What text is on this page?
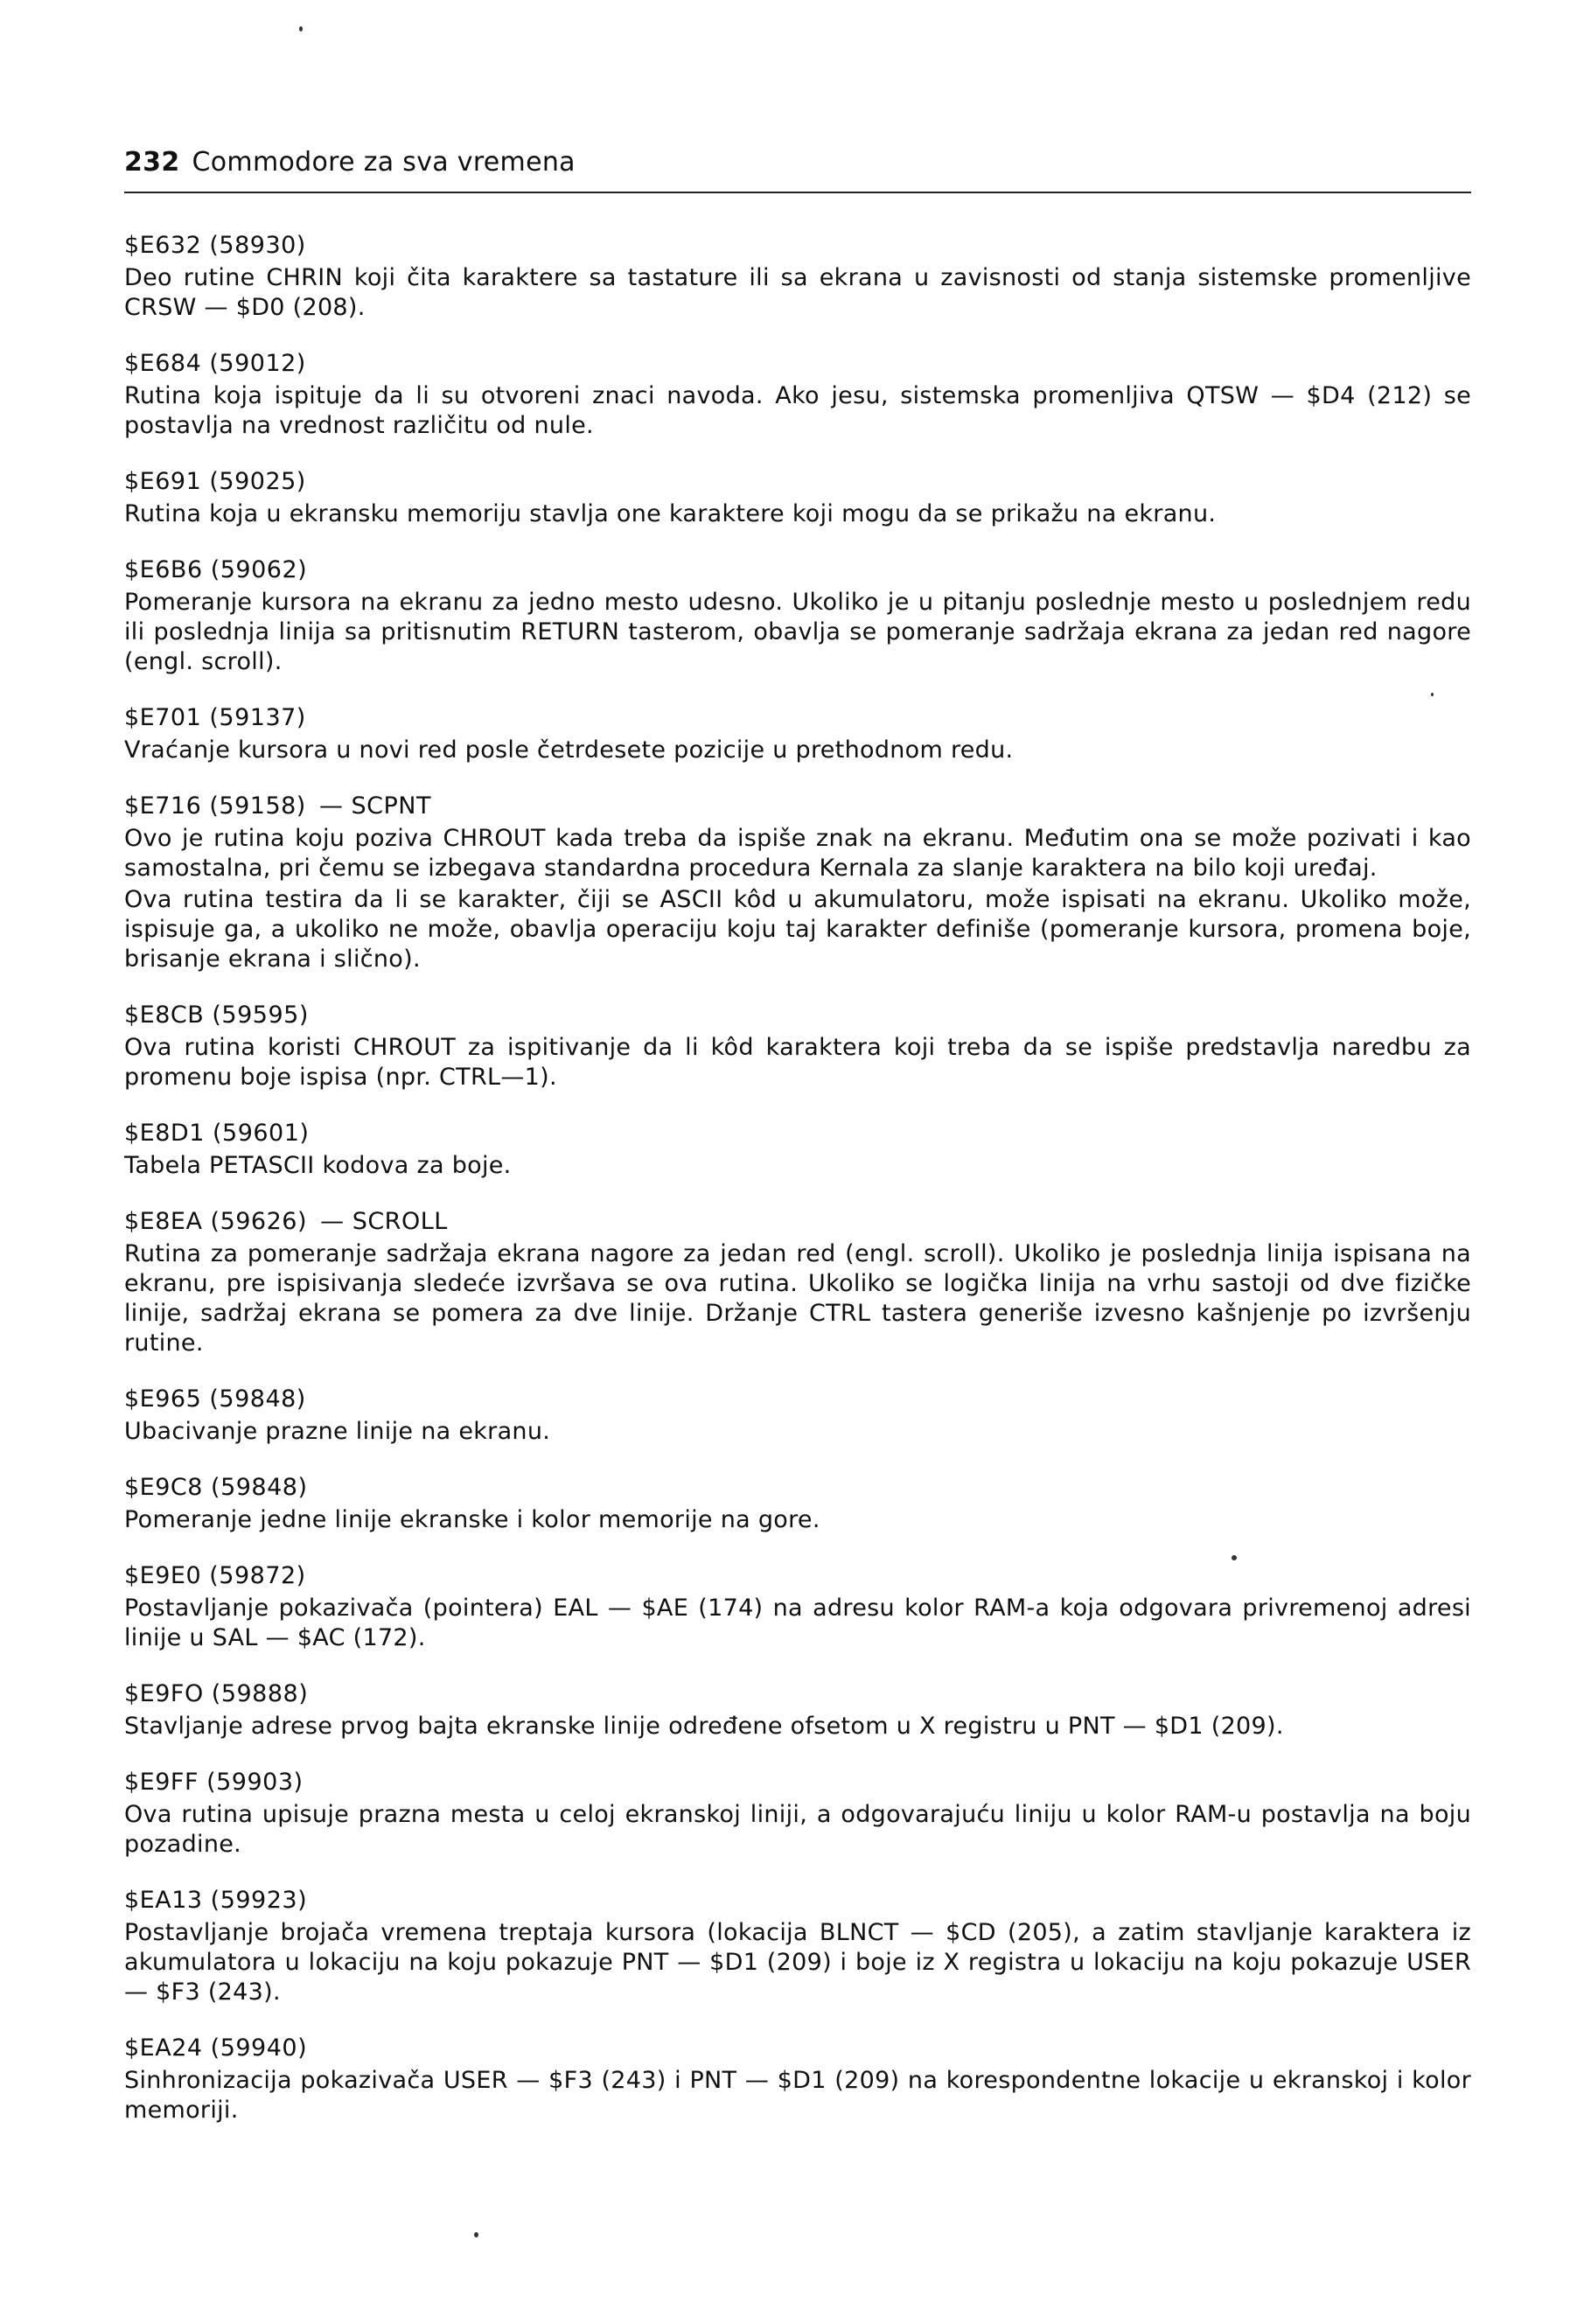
232 Commodore za sva vremena
$E632 (58930)

Deo rutine CHRIN koji čita karaktere sa tastature ili sa ekrana u zavisnosti od stanja sistemske promenljive CRSW — $D0 (208).

$E684 (59012)

Rutina koja ispituje da li su otvoreni znaci navoda. Ako jesu, sistemska promenljiva QTSW — $D4 (212) se postavlja na vrednost različitu od nule.

$E691 (59025)

Rutina koja u ekransku memoriju stavlja one karaktere koji mogu da se prikažu na ekranu.

$E6B6 (59062)

Pomeranje kursora na ekranu za jedno mesto udesno. Ukoliko je u pitanju poslednje mesto u poslednjem redu ili poslednja linija sa pritisnutim RETURN tasterom, obavlja se pomeranje sadržaja ekrana za jedan red nagore (engl. scroll).

$E701 (59137)

Vraćanje kursora u novi red posle četrdesete pozicije u prethodnom redu.

$E716 (59158) — SCPNT

Ovo je rutina koju poziva CHROUT kada treba da ispiše znak na ekranu. Međutim ona se može pozivati i kao samostalna, pri čemu se izbegava standardna procedura Kernala za slanje karaktera na bilo koji uređaj.

Ova rutina testira da li se karakter, čiji se ASCII kôd u akumulatoru, može ispisati na ekranu. Ukoliko može, ispisuje ga, a ukoliko ne može, obavlja operaciju koju taj karakter definiše (pomeranje kursora, promena boje, brisanje ekrana i slično).

$E8CB (59595)

Ova rutina koristi CHROUT za ispitivanje da li kôd karaktera koji treba da se ispiše predstavlja naredbu za promenu boje ispisa (npr. CTRL—1).

$E8D1 (59601)

Tabela PETASCII kodova za boje.

$E8EA (59626) — SCROLL

Rutina za pomeranje sadržaja ekrana nagore za jedan red (engl. scroll). Ukoliko je poslednja linija ispisana na ekranu, pre ispisivanja sledeće izvršava se ova rutina. Ukoliko se logička linija na vrhu sastoji od dve fizičke linije, sadržaj ekrana se pomera za dve linije. Držanje CTRL tastera generiše izvesno kašnjenje po izvršenju rutine.

$E965 (59848)

Ubacivanje prazne linije na ekranu.

$E9C8 (59848)

Pomeranje jedne linije ekranske i kolor memorije na gore.

$E9E0 (59872)

Postavljanje pokazivača (pointera) EAL — $AE (174) na adresu kolor RAM-a koja odgovara privremenoj adresi linije u SAL — $AC (172).

$E9FO (59888)

Stavljanje adrese prvog bajta ekranske linije određene ofsetom u X registru u PNT — $D1 (209).

$E9FF (59903)

Ova rutina upisuje prazna mesta u celoj ekranskoj liniji, a odgovarajuću liniju u kolor RAM-u postavlja na boju pozadine.

$EA13 (59923)

Postavljanje brojača vremena treptaja kursora (lokacija BLNCT — $CD (205), a zatim stavljanje karaktera iz akumulatora u lokaciju na koju pokazuje PNT — $D1 (209) i boje iz X registra u lokaciju na koju pokazuje USER — $F3 (243).

$EA24 (59940)

Sinhronizacija pokazivača USER — $F3 (243) i PNT — $D1 (209) na korespondentne lokacije u ekranskoj i kolor memoriji.
